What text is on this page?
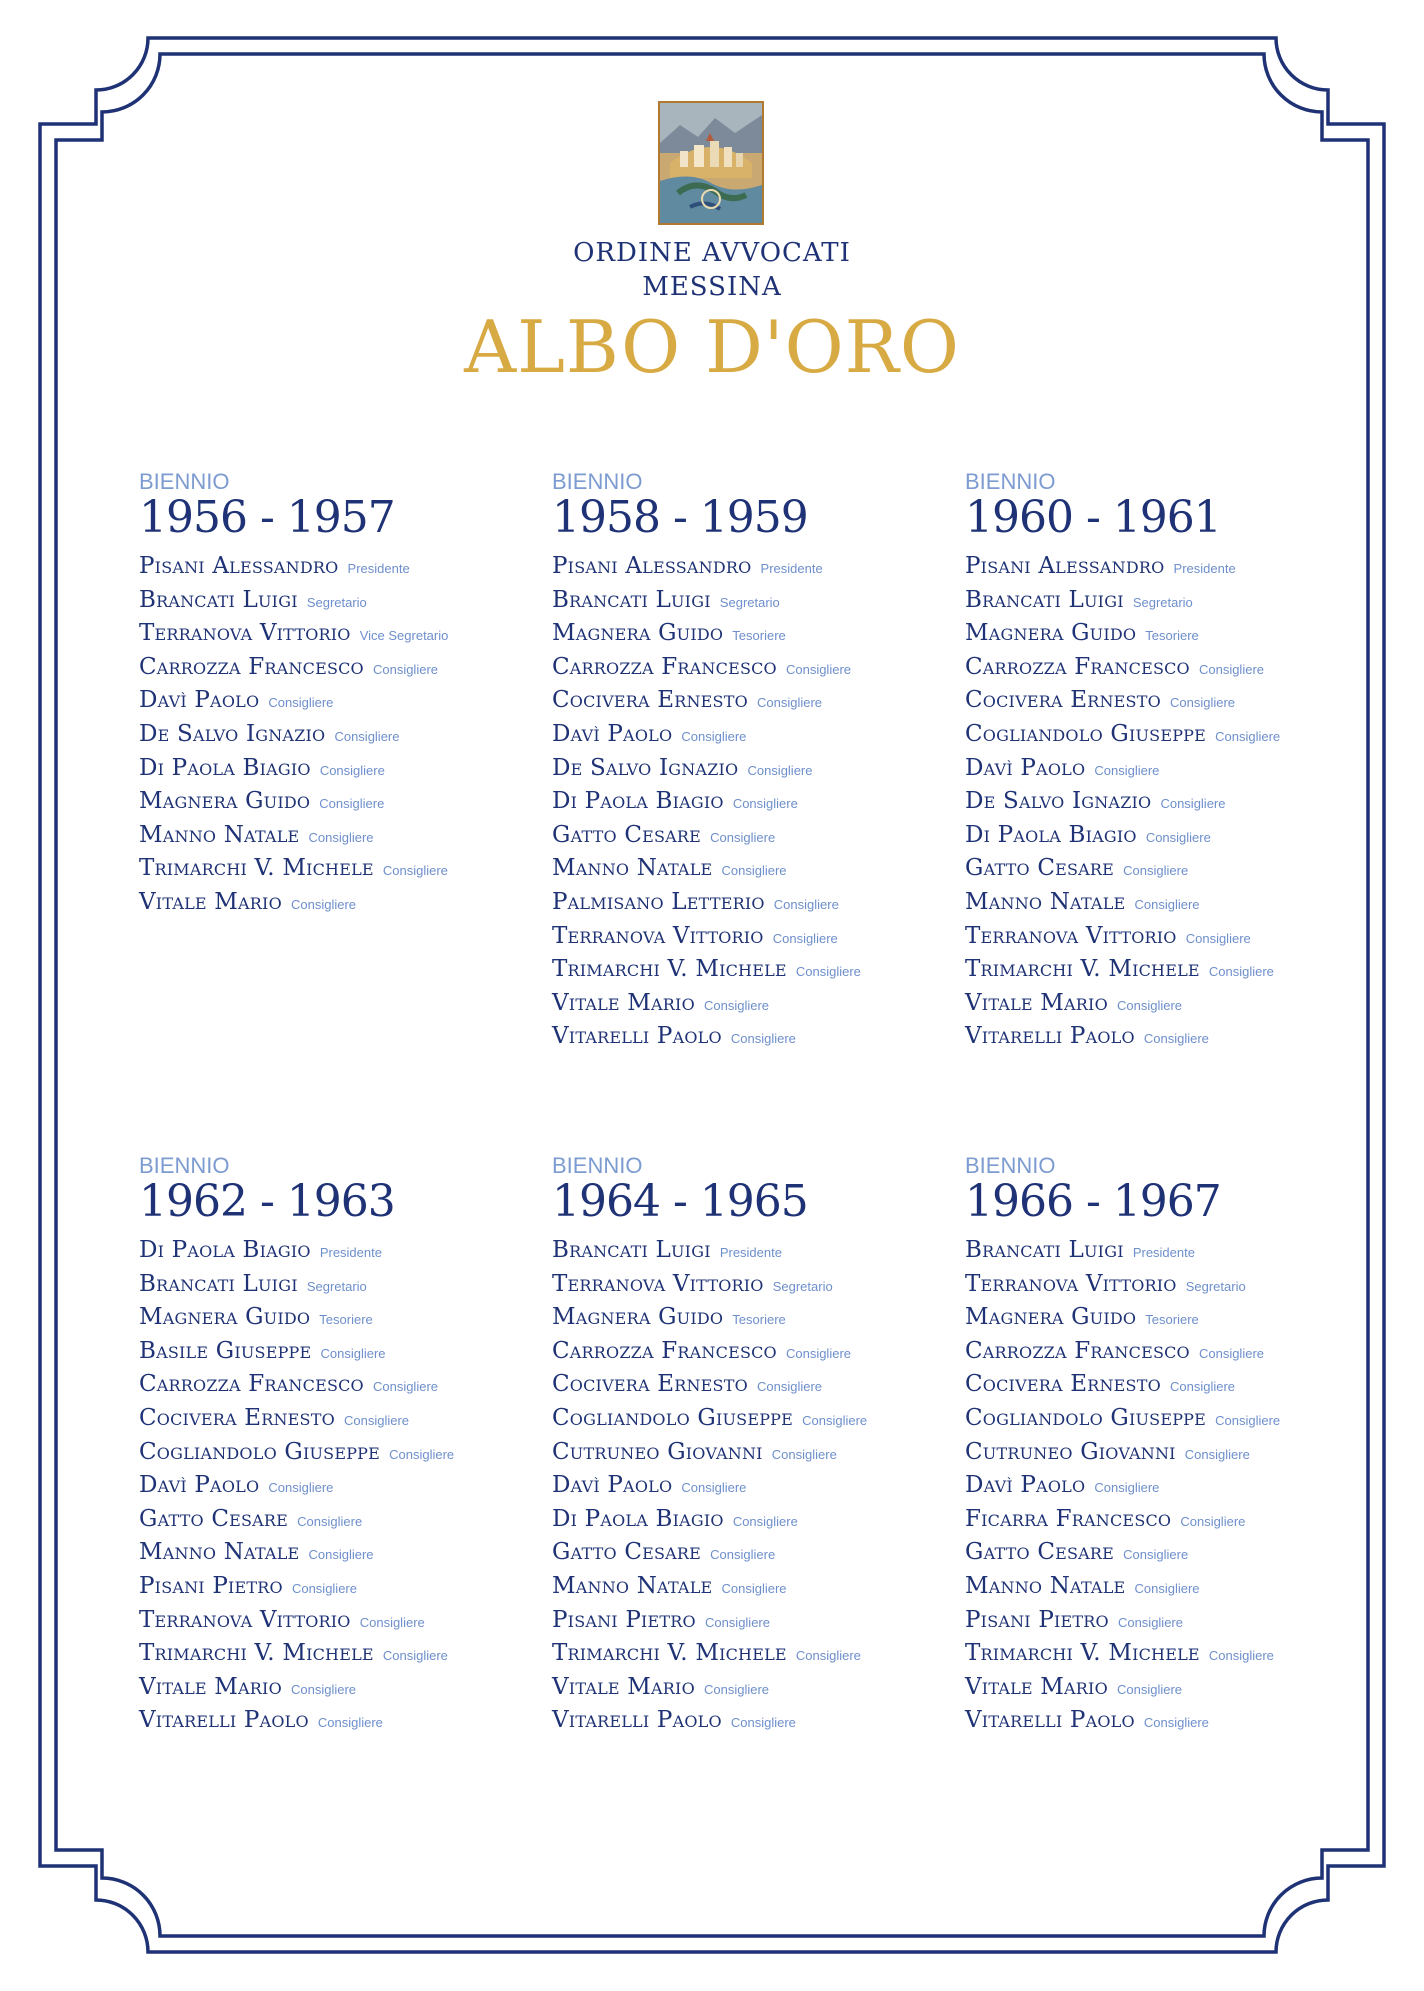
ORDINE AVVOCATI
MESSINA
ALBO D'ORO
BIENNIO
1956 - 1957
Pisani Alessandro Presidente
Brancati Luigi Segretario
Terranova Vittorio Vice Segretario
Carrozza Francesco Consigliere
Davì Paolo Consigliere
De Salvo Ignazio Consigliere
Di Paola Biagio Consigliere
Magnera Guido Consigliere
Manno Natale Consigliere
Trimarchi V. Michele Consigliere
Vitale Mario Consigliere
BIENNIO
1958 - 1959
Pisani Alessandro Presidente
Brancati Luigi Segretario
Magnera Guido Tesoriere
Carrozza Francesco Consigliere
Cocivera Ernesto Consigliere
Davì Paolo Consigliere
De Salvo Ignazio Consigliere
Di Paola Biagio Consigliere
Gatto Cesare Consigliere
Manno Natale Consigliere
Palmisano Letterio Consigliere
Terranova Vittorio Consigliere
Trimarchi V. Michele Consigliere
Vitale Mario Consigliere
Vitarelli Paolo Consigliere
BIENNIO
1960 - 1961
Pisani Alessandro Presidente
Brancati Luigi Segretario
Magnera Guido Tesoriere
Carrozza Francesco Consigliere
Cocivera Ernesto Consigliere
Cogliandolo Giuseppe Consigliere
Davì Paolo Consigliere
De Salvo Ignazio Consigliere
Di Paola Biagio Consigliere
Gatto Cesare Consigliere
Manno Natale Consigliere
Terranova Vittorio Consigliere
Trimarchi V. Michele Consigliere
Vitale Mario Consigliere
Vitarelli Paolo Consigliere
BIENNIO
1962 - 1963
Di Paola Biagio Presidente
Brancati Luigi Segretario
Magnera Guido Tesoriere
Basile Giuseppe Consigliere
Carrozza Francesco Consigliere
Cocivera Ernesto Consigliere
Cogliandolo Giuseppe Consigliere
Davì Paolo Consigliere
Gatto Cesare Consigliere
Manno Natale Consigliere
Pisani Pietro Consigliere
Terranova Vittorio Consigliere
Trimarchi V. Michele Consigliere
Vitale Mario Consigliere
Vitarelli Paolo Consigliere
BIENNIO
1964 - 1965
Brancati Luigi Presidente
Terranova Vittorio Segretario
Magnera Guido Tesoriere
Carrozza Francesco Consigliere
Cocivera Ernesto Consigliere
Cogliandolo Giuseppe Consigliere
Cutruneo Giovanni Consigliere
Davì Paolo Consigliere
Di Paola Biagio Consigliere
Gatto Cesare Consigliere
Manno Natale Consigliere
Pisani Pietro Consigliere
Trimarchi V. Michele Consigliere
Vitale Mario Consigliere
Vitarelli Paolo Consigliere
BIENNIO
1966 - 1967
Brancati Luigi Presidente
Terranova Vittorio Segretario
Magnera Guido Tesoriere
Carrozza Francesco Consigliere
Cocivera Ernesto Consigliere
Cogliandolo Giuseppe Consigliere
Cutruneo Giovanni Consigliere
Davì Paolo Consigliere
Ficarra Francesco Consigliere
Gatto Cesare Consigliere
Manno Natale Consigliere
Pisani Pietro Consigliere
Trimarchi V. Michele Consigliere
Vitale Mario Consigliere
Vitarelli Paolo Consigliere
